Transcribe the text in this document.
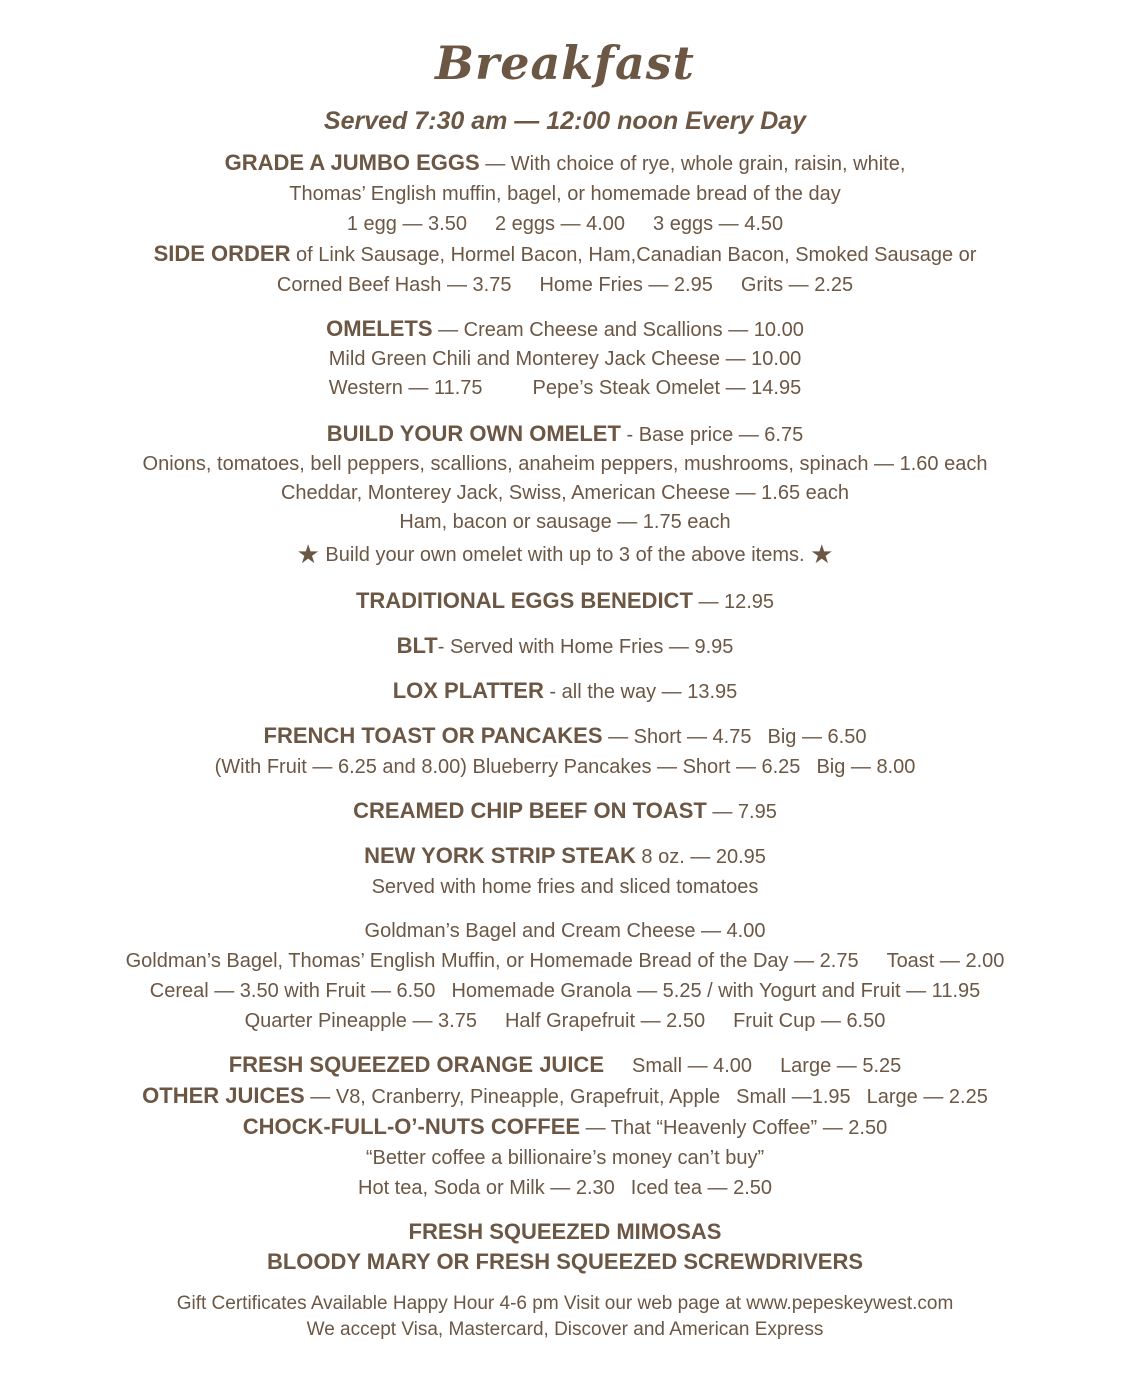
Breakfast
Served 7:30 am — 12:00 noon Every Day
GRADE A JUMBO EGGS — With choice of rye, whole grain, raisin, white,
Thomas’ English muffin, bagel, or homemade bread of the day
1 egg — 3.50 2 eggs — 4.00 3 eggs — 4.50
SIDE ORDER of Link Sausage, Hormel Bacon, Ham,Canadian Bacon, Smoked Sausage or
Corned Beef Hash — 3.75 Home Fries — 2.95 Grits — 2.25
OMELETS — Cream Cheese and Scallions — 10.00
Mild Green Chili and Monterey Jack Cheese — 10.00
Western — 11.75	Pepe’s Steak Omelet — 14.95
BUILD YOUR OWN OMELET - Base price — 6.75
Onions, tomatoes, bell peppers, scallions, anaheim peppers, mushrooms, spinach — 1.60 each
Cheddar, Monterey Jack, Swiss, American Cheese — 1.65 each
Ham, bacon or sausage — 1.75 each
★ Build your own omelet with up to 3 of the above items. ★
TRADITIONAL EGGS BENEDICT — 12.95
BLT- Served with Home Fries — 9.95
LOX PLATTER - all the way — 13.95
FRENCH TOAST OR PANCAKES — Short — 4.75 Big — 6.50
(With Fruit — 6.25 and 8.00) Blueberry Pancakes — Short — 6.25 Big — 8.00
CREAMED CHIP BEEF ON TOAST — 7.95
NEW YORK STRIP STEAK 8 oz. — 20.95
Served with home fries and sliced tomatoes
Goldman’s Bagel and Cream Cheese — 4.00
Goldman’s Bagel, Thomas’ English Muffin, or Homemade Bread of the Day — 2.75 Toast — 2.00
Cereal — 3.50 with Fruit — 6.50 Homemade Granola — 5.25 / with Yogurt and Fruit — 11.95
Quarter Pineapple — 3.75 Half Grapefruit — 2.50 Fruit Cup — 6.50
FRESH SQUEEZED ORANGE JUICE Small — 4.00 Large — 5.25
OTHER JUICES — V8, Cranberry, Pineapple, Grapefruit, Apple Small —1.95 Large — 2.25
CHOCK-FULL-O’-NUTS COFFEE — That “Heavenly Coffee” — 2.50
“Better coffee a billionaire’s money can’t buy”
Hot tea, Soda or Milk — 2.30 Iced tea — 2.50
FRESH SQUEEZED MIMOSAS
BLOODY MARY OR FRESH SQUEEZED SCREWDRIVERS
Gift Certificates Available Happy Hour 4-6 pm Visit our web page at www.pepeskeywest.com
We accept Visa, Mastercard, Discover and American Express
